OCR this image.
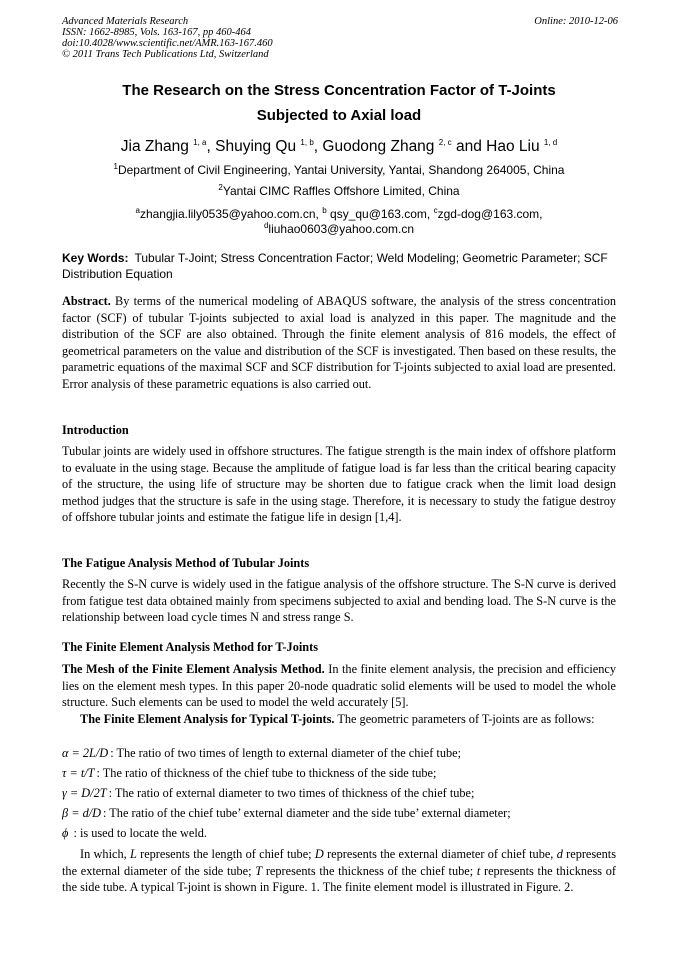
Advanced Materials Research
ISSN: 1662-8985, Vols. 163-167, pp 460-464
doi:10.4028/www.scientific.net/AMR.163-167.460
© 2011 Trans Tech Publications Ltd, Switzerland
Online: 2010-12-06
The Research on the Stress Concentration Factor of T-Joints
Subjected to Axial load
Jia Zhang $^{1, a}$, Shuying Qu $^{1, b}$, Guodong Zhang $^{2, c}$ and Hao Liu $^{1, d}$
$^1$Department of Civil Engineering, Yantai University, Yantai, Shandong 264005, China
$^2$Yantai CIMC Raffles Offshore Limited, China
$^a$zhangjia.lily0535@yahoo.com.cn, $^b$ qsy_qu@163.com, $^c$zgd-dog@163.com,
$^d$liuhao0603@yahoo.com.cn
Key Words: Tubular T-Joint; Stress Concentration Factor; Weld Modeling; Geometric Parameter; SCF Distribution Equation
Abstract. By terms of the numerical modeling of ABAQUS software, the analysis of the stress concentration factor (SCF) of tubular T-joints subjected to axial load is analyzed in this paper. The magnitude and the distribution of the SCF are also obtained. Through the finite element analysis of 816 models, the effect of geometrical parameters on the value and distribution of the SCF is investigated. Then based on these results, the parametric equations of the maximal SCF and SCF distribution for T-joints subjected to axial load are presented. Error analysis of these parametric equations is also carried out.
Introduction
Tubular joints are widely used in offshore structures. The fatigue strength is the main index of offshore platform to evaluate in the using stage. Because the amplitude of fatigue load is far less than the critical bearing capacity of the structure, the using life of structure may be shorten due to fatigue crack when the limit load design method judges that the structure is safe in the using stage. Therefore, it is necessary to study the fatigue destroy of offshore tubular joints and estimate the fatigue life in design [1,4].
The Fatigue Analysis Method of Tubular Joints
Recently the S-N curve is widely used in the fatigue analysis of the offshore structure. The S-N curve is derived from fatigue test data obtained mainly from specimens subjected to axial and bending load. The S-N curve is the relationship between load cycle times N and stress range S.
The Finite Element Analysis Method for T-Joints
The Mesh of the Finite Element Analysis Method. In the finite element analysis, the precision and efficiency lies on the element mesh types. In this paper 20-node quadratic solid elements will be used to model the whole structure. Such elements can be used to model the weld accurately [5].
The Finite Element Analysis for Typical T-joints. The geometric parameters of T-joints are as follows:
α = 2L/D : The ratio of two times of length to external diameter of the chief tube;
τ = t/T : The ratio of thickness of the chief tube to thickness of the side tube;
γ = D/2T : The ratio of external diameter to two times of thickness of the chief tube;
β = d/D : The ratio of the chief tube’ external diameter and the side tube’ external diameter;
ϕ : is used to locate the weld.
In which, L represents the length of chief tube; D represents the external diameter of chief tube, d represents the external diameter of the side tube; T represents the thickness of the chief tube; t represents the thickness of the side tube. A typical T-joint is shown in Figure. 1. The finite element model is illustrated in Figure. 2.
